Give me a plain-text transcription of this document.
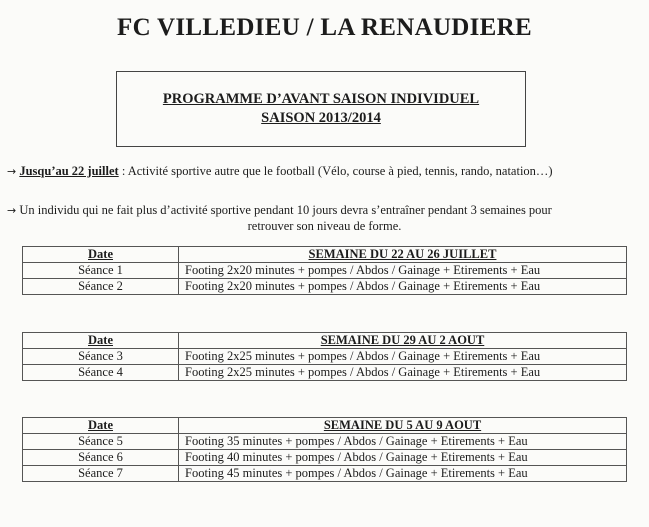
FC VILLEDIEU / LA RENAUDIERE
PROGRAMME D’AVANT SAISON INDIVIDUEL
SAISON 2013/2014
→ Jusqu’au 22 juillet : Activité sportive autre que le football (Vélo, course à pied, tennis, rando, natation…)
→ Un individu qui ne fait plus d’activité sportive pendant 10 jours devra s’entraîner pendant 3 semaines pour
retrouver son niveau de forme.
Date	SEMAINE DU 22 AU 26 JUILLET
Séance 1	Footing 2x20 minutes + pompes / Abdos / Gainage + Etirements + Eau
Séance 2	Footing 2x20 minutes + pompes / Abdos / Gainage + Etirements + Eau
Date	SEMAINE DU 29 AU 2 AOUT
Séance 3	Footing 2x25 minutes + pompes / Abdos / Gainage + Etirements + Eau
Séance 4	Footing 2x25 minutes + pompes / Abdos / Gainage + Etirements + Eau
Date	SEMAINE DU 5 AU 9 AOUT
Séance 5	Footing 35 minutes + pompes / Abdos / Gainage + Etirements + Eau
Séance 6	Footing 40 minutes + pompes / Abdos / Gainage + Etirements + Eau
Séance 7	Footing 45 minutes + pompes / Abdos / Gainage + Etirements + Eau
